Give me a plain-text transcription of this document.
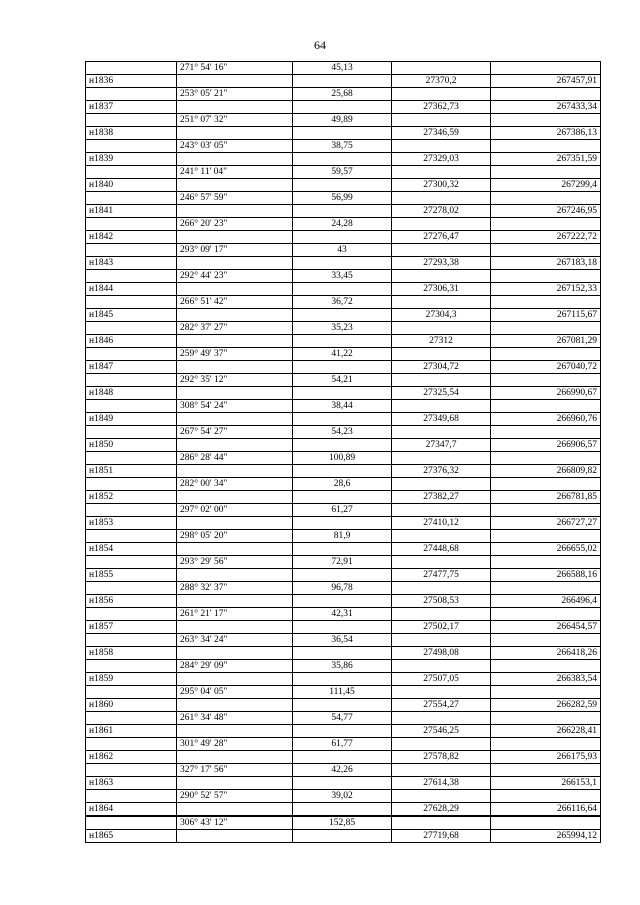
64
	271° 54' 16"	45,13		
н1836			27370,2	267457,91
	253° 05' 21"	25,68		
н1837			27362,73	267433,34
	251° 07' 32"	49,89		
н1838			27346,59	267386,13
	243° 03' 05"	38,75		
н1839			27329,03	267351,59
	241° 11' 04"	59,57		
н1840			27300,32	267299,4
	246° 57' 59"	56,99		
н1841			27278,02	267246,95
	266° 20' 23"	24,28		
н1842			27276,47	267222,72
	293° 09' 17"	43		
н1843			27293,38	267183,18
	292° 44' 23"	33,45		
н1844			27306,31	267152,33
	266° 51' 42"	36,72		
н1845			27304,3	267115,67
	282° 37' 27"	35,23		
н1846			27312	267081,29
	259° 49' 37"	41,22		
н1847			27304,72	267040,72
	292° 35' 12"	54,21		
н1848			27325,54	266990,67
	308° 54' 24"	38,44		
н1849			27349,68	266960,76
	267° 54' 27"	54,23		
н1850			27347,7	266906,57
	286° 28' 44"	100,89		
н1851			27376,32	266809,82
	282° 00' 34"	28,6		
н1852			27382,27	266781,85
	297° 02' 00"	61,27		
н1853			27410,12	266727,27
	298° 05' 20"	81,9		
н1854			27448,68	266655,02
	293° 29' 56"	72,91		
н1855			27477,75	266588,16
	288° 32' 37"	96,78		
н1856			27508,53	266496,4
	261° 21' 17"	42,31		
н1857			27502,17	266454,57
	263° 34' 24"	36,54		
н1858			27498,08	266418,26
	284° 29' 09"	35,86		
н1859			27507,05	266383,54
	295° 04' 05"	111,45		
н1860			27554,27	266282,59
	261° 34' 48"	54,77		
н1861			27546,25	266228,41
	301° 49' 28"	61,77		
н1862			27578,82	266175,93
	327° 17' 56"	42,26		
н1863			27614,38	266153,1
	290° 52' 57"	39,02		
н1864			27628,29	266116,64
	306° 43' 12"	152,85		
н1865			27719,68	265994,12
